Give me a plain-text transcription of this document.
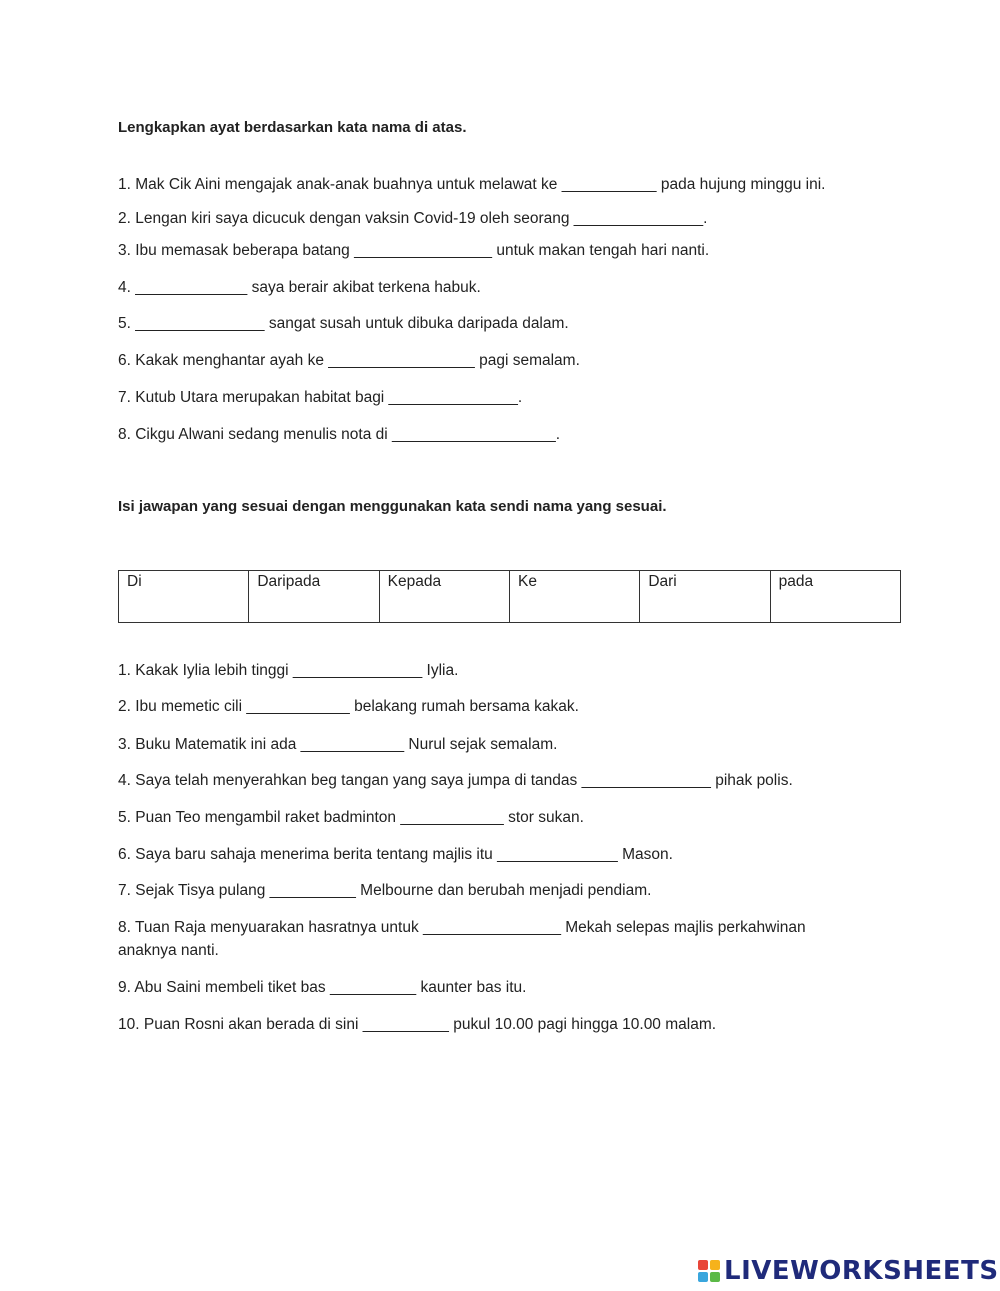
Lengkapkan ayat berdasarkan kata nama di atas.
1. Mak Cik Aini mengajak anak-anak buahnya untuk melawat ke ___________ pada hujung minggu ini.
2. Lengan kiri saya dicucuk dengan vaksin Covid-19 oleh seorang _______________.
3. Ibu memasak beberapa batang ________________ untuk makan tengah hari nanti.
4. _____________ saya berair akibat terkena habuk.
5. _______________ sangat susah untuk dibuka daripada dalam.
6. Kakak menghantar ayah ke _________________ pagi semalam.
7. Kutub Utara merupakan habitat bagi _______________.
8. Cikgu Alwani sedang menulis nota di ___________________.
Isi jawapan yang sesuai dengan menggunakan kata sendi nama yang sesuai.
Di	Daripada	Kepada	Ke	Dari	pada
1. Kakak Iylia lebih tinggi _______________ Iylia.
2. Ibu memetic cili ____________ belakang rumah bersama kakak.
3. Buku Matematik ini ada ____________ Nurul sejak semalam.
4. Saya telah menyerahkan beg tangan yang saya jumpa di tandas _______________ pihak polis.
5. Puan Teo mengambil raket badminton ____________ stor sukan.
6. Saya baru sahaja menerima berita tentang majlis itu ______________ Mason.
7. Sejak Tisya pulang __________ Melbourne dan berubah menjadi pendiam.
8. Tuan Raja menyuarakan hasratnya untuk ________________ Mekah selepas majlis perkahwinan anaknya nanti.
9. Abu Saini membeli tiket bas __________ kaunter bas itu.
10. Puan Rosni akan berada di sini __________ pukul 10.00 pagi hingga 10.00 malam.
LIVEWORKSHEETS
